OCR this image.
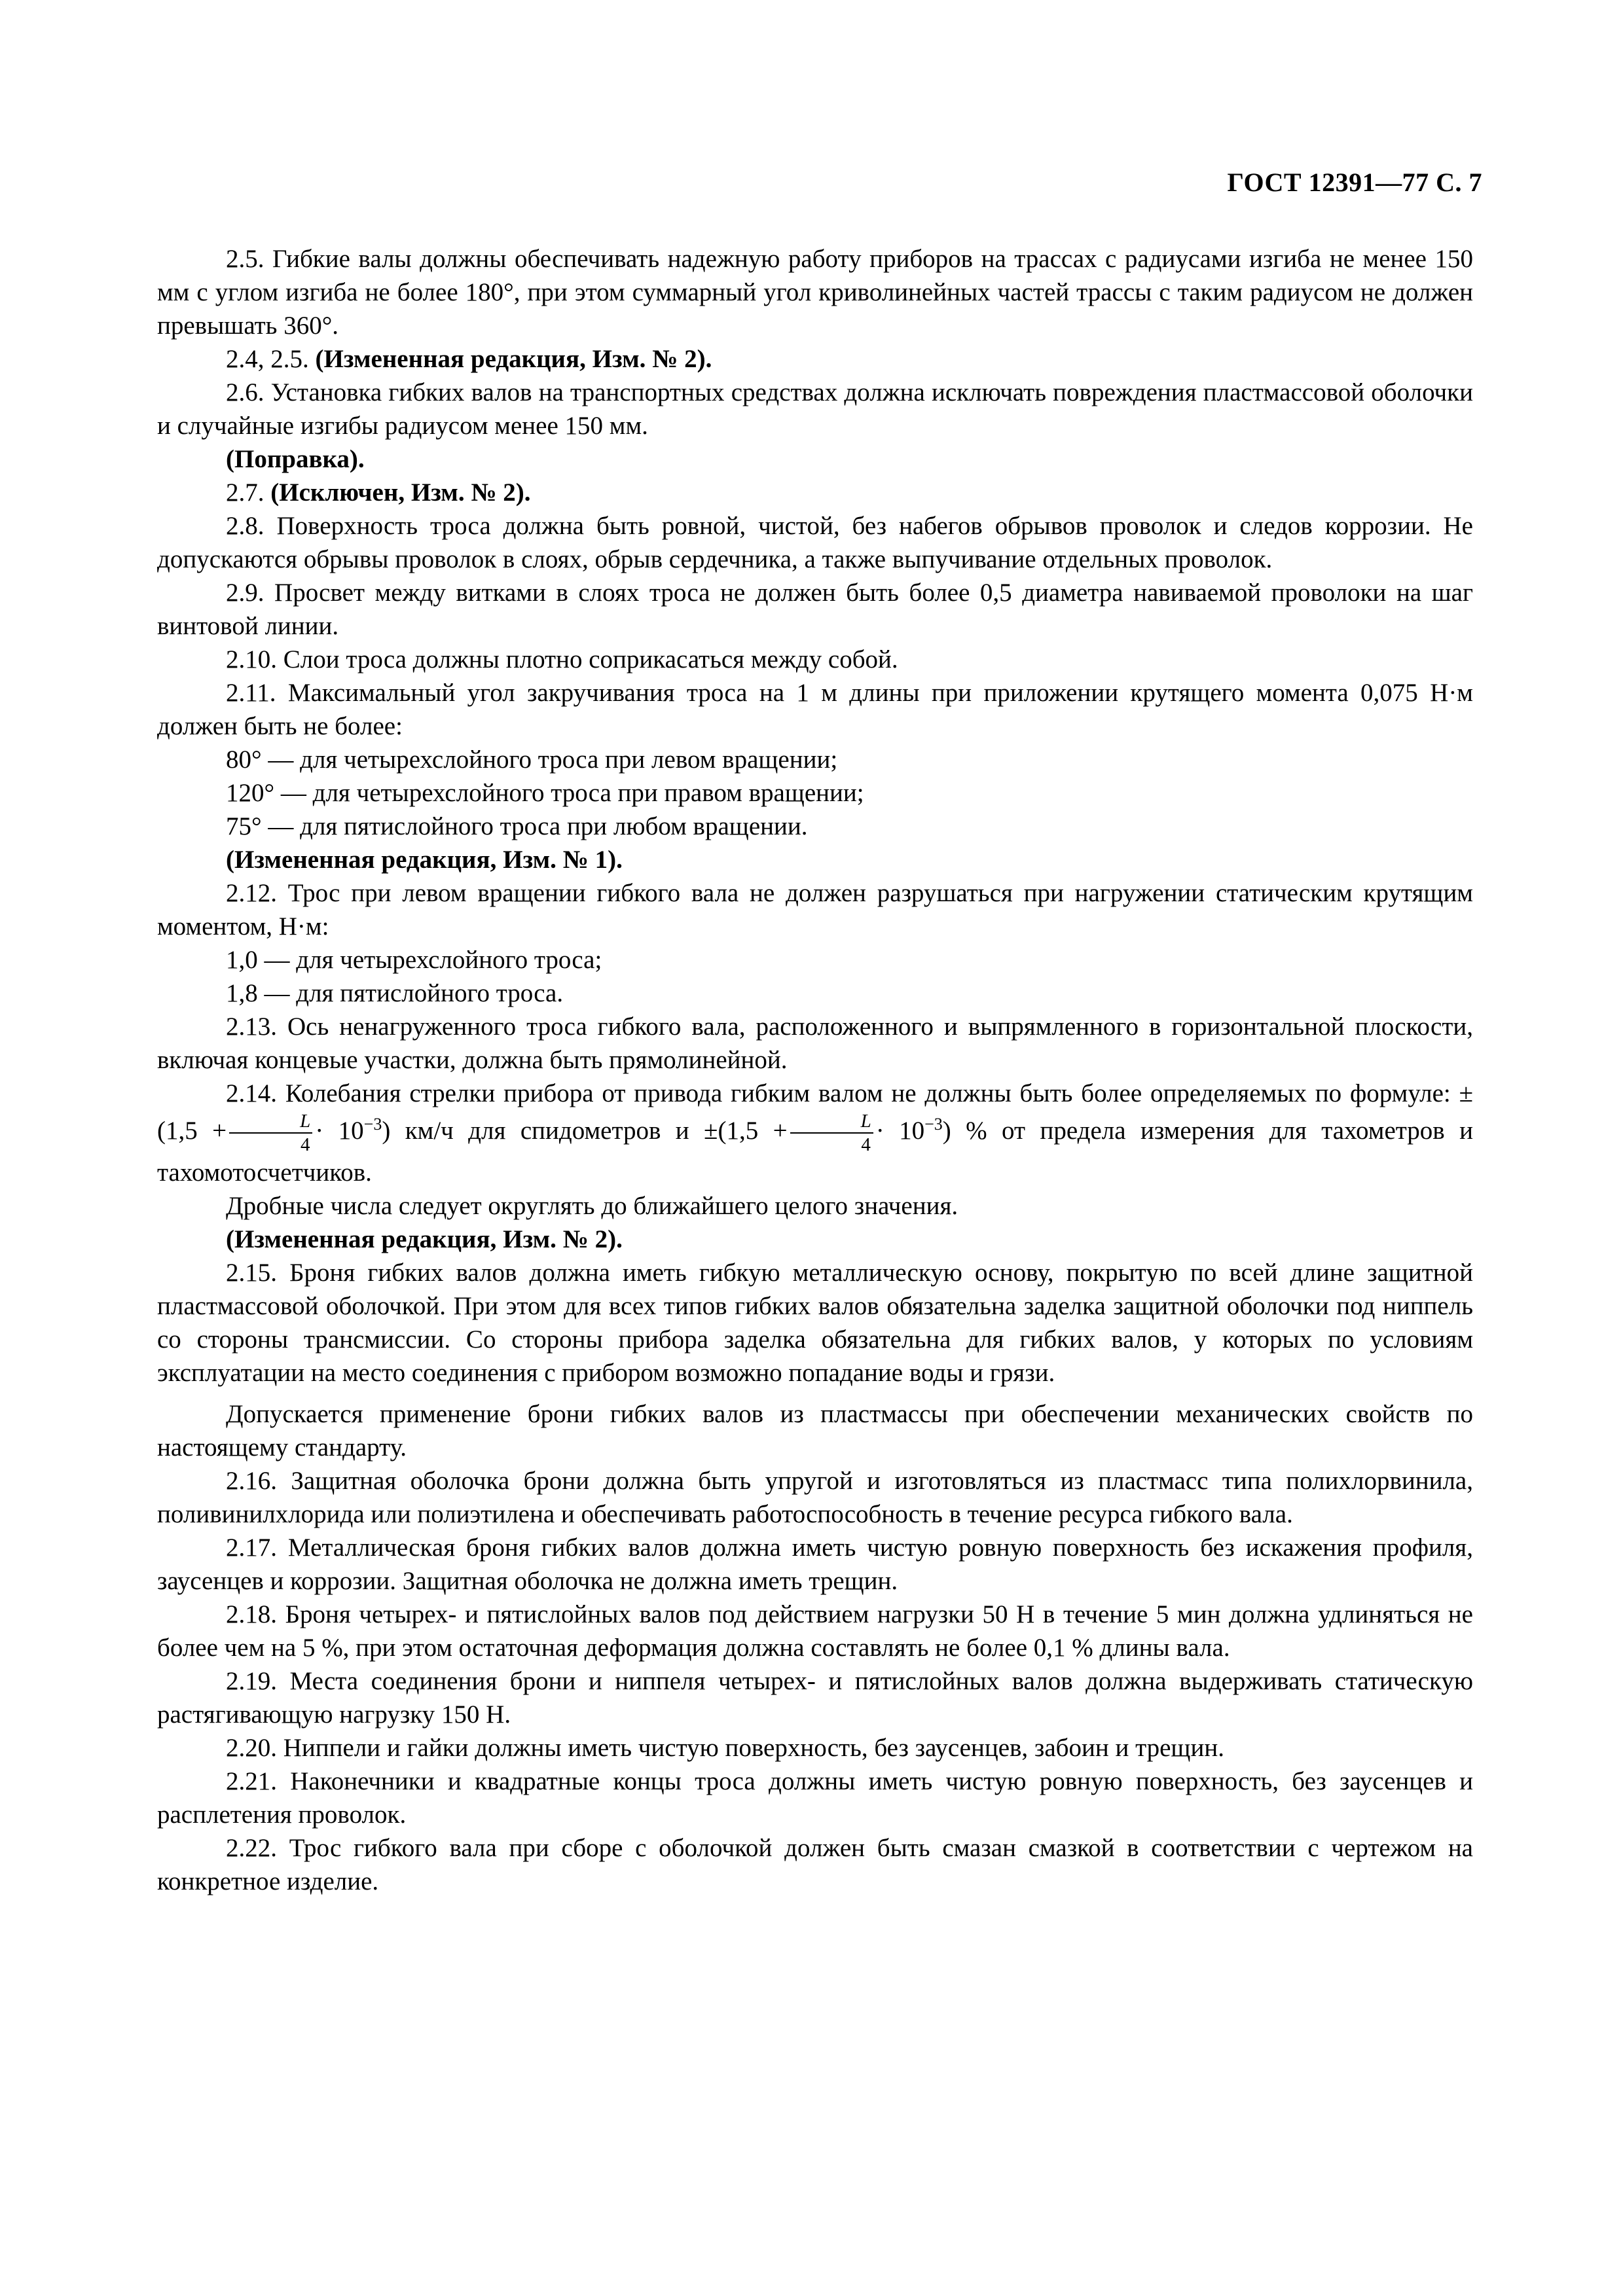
ГОСТ 12391—77 С. 7

2.5. Гибкие валы должны обеспечивать надежную работу приборов на трассах с радиусами изгиба не менее 150 мм с углом изгиба не более 180°, при этом суммарный угол криволинейных частей трассы с таким радиусом не должен превышать 360°.

2.4, 2.5. (Измененная редакция, Изм. № 2).

2.6. Установка гибких валов на транспортных средствах должна исключать повреждения пластмассовой оболочки и случайные изгибы радиусом менее 150 мм.

(Поправка).

2.7. (Исключен, Изм. № 2).

2.8. Поверхность троса должна быть ровной, чистой, без набегов обрывов проволок и следов коррозии. Не допускаются обрывы проволок в слоях, обрыв сердечника, а также выпучивание отдельных проволок.

2.9. Просвет между витками в слоях троса не должен быть более 0,5 диаметра навиваемой проволоки на шаг винтовой линии.

2.10. Слои троса должны плотно соприкасаться между собой.

2.11. Максимальный угол закручивания троса на 1 м длины при приложении крутящего момента 0,075 Н·м должен быть не более:

80° — для четырехслойного троса при левом вращении;

120° — для четырехслойного троса при правом вращении;

75° — для пятислойного троса при любом вращении.

(Измененная редакция, Изм. № 1).

2.12. Трос при левом вращении гибкого вала не должен разрушаться при нагружении статическим крутящим моментом, Н·м:

1,0 — для четырехслойного троса;

1,8 — для пятислойного троса.

2.13. Ось ненагруженного троса гибкого вала, расположенного и выпрямленного в горизонтальной плоскости, включая концевые участки, должна быть прямолинейной.

2.14. Колебания стрелки прибора от привода гибким валом не должны быть более определяемых по формуле: $\pm(1,5 + \frac{L}{4} \cdot 10^{-3})$ км/ч для спидометров $и \pm(1,5 + \frac{L}{4} \cdot 10^{-3})$ % от предела измерения для тахометров и тахомотосчетчиков.

Дробные числа следует округлять до ближайшего целого значения.

(Измененная редакция, Изм. № 2).

2.15. Броня гибких валов должна иметь гибкую металлическую основу, покрытую по всей длине защитной пластмассовой оболочкой. При этом для всех типов гибких валов обязательна заделка защитной оболочки под ниппель со стороны трансмиссии. Со стороны прибора заделка обязательна для гибких валов, у которых по условиям эксплуатации на место соединения с прибором возможно попадание воды и грязи.

Допускается применение брони гибких валов из пластмассы при обеспечении механических свойств по настоящему стандарту.

2.16. Защитная оболочка брони должна быть упругой и изготовляться из пластмасс типа полихлорвинила, поливинилхлорида или полиэтилена и обеспечивать работоспособность в течение ресурса гибкого вала.

2.17. Металлическая броня гибких валов должна иметь чистую ровную поверхность без искажения профиля, заусенцев и коррозии. Защитная оболочка не должна иметь трещин.

2.18. Броня четырех- и пятислойных валов под действием нагрузки 50 Н в течение 5 мин должна удлиняться не более чем на 5 %, при этом остаточная деформация должна составлять не более 0,1 % длины вала.

2.19. Места соединения брони и ниппеля четырех- и пятислойных валов должна выдерживать статическую растягивающую нагрузку 150 Н.

2.20. Ниппели и гайки должны иметь чистую поверхность, без заусенцев, забоин и трещин.

2.21. Наконечники и квадратные концы троса должны иметь чистую ровную поверхность, без заусенцев и расплетения проволок.

2.22. Трос гибкого вала при сборе с оболочкой должен быть смазан смазкой в соответствии с чертежом на конкретное изделие.
